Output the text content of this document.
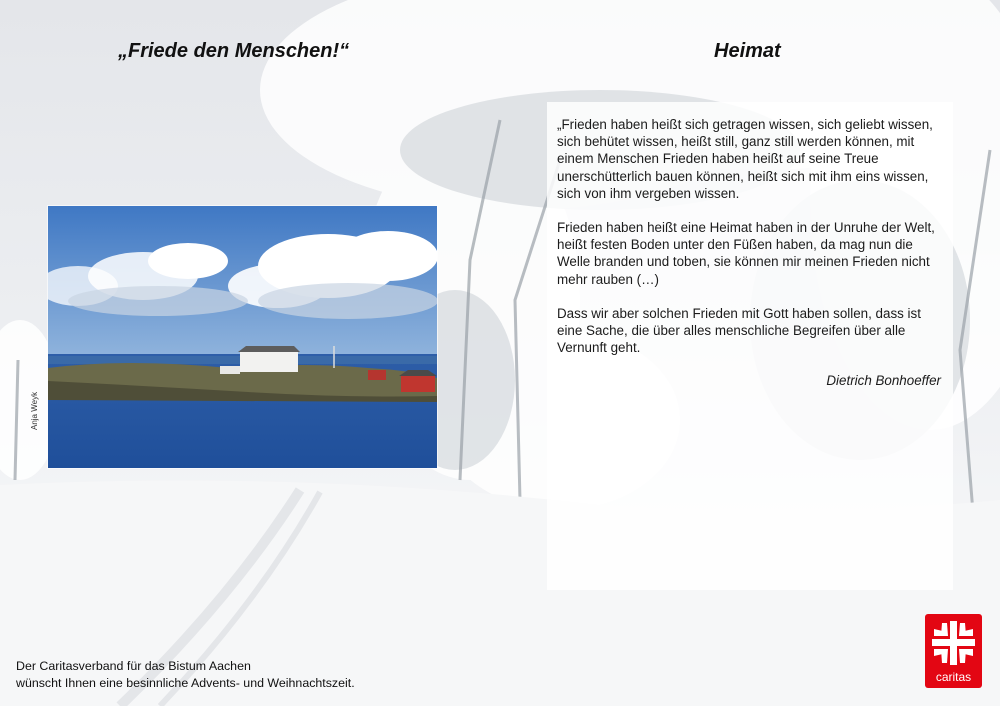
„Friede den Menschen!“	Heimat
Anja Weyk

„Frieden haben heißt sich getragen wissen, sich geliebt wissen, sich behütet wissen, heißt still, ganz still werden können, mit einem Menschen Frieden haben heißt auf seine Treue unerschütterlich bauen können, heißt sich mit ihm eins wissen, sich von ihm vergeben wissen.

Frieden haben heißt eine Heimat haben in der Unruhe der Welt, heißt festen Boden unter den Füßen haben, da mag nun die Welle branden und toben, sie können mir meinen Frieden nicht mehr rauben (…)

Dass wir aber solchen Frieden mit Gott haben sollen, dass ist eine Sache, die über alles menschliche Begreifen über alle Vernunft geht.

Dietrich Bonhoeffer
Der Caritasverband für das Bistum Aachen
wünscht Ihnen eine besinnliche Advents- und Weihnachtszeit.	caritas
